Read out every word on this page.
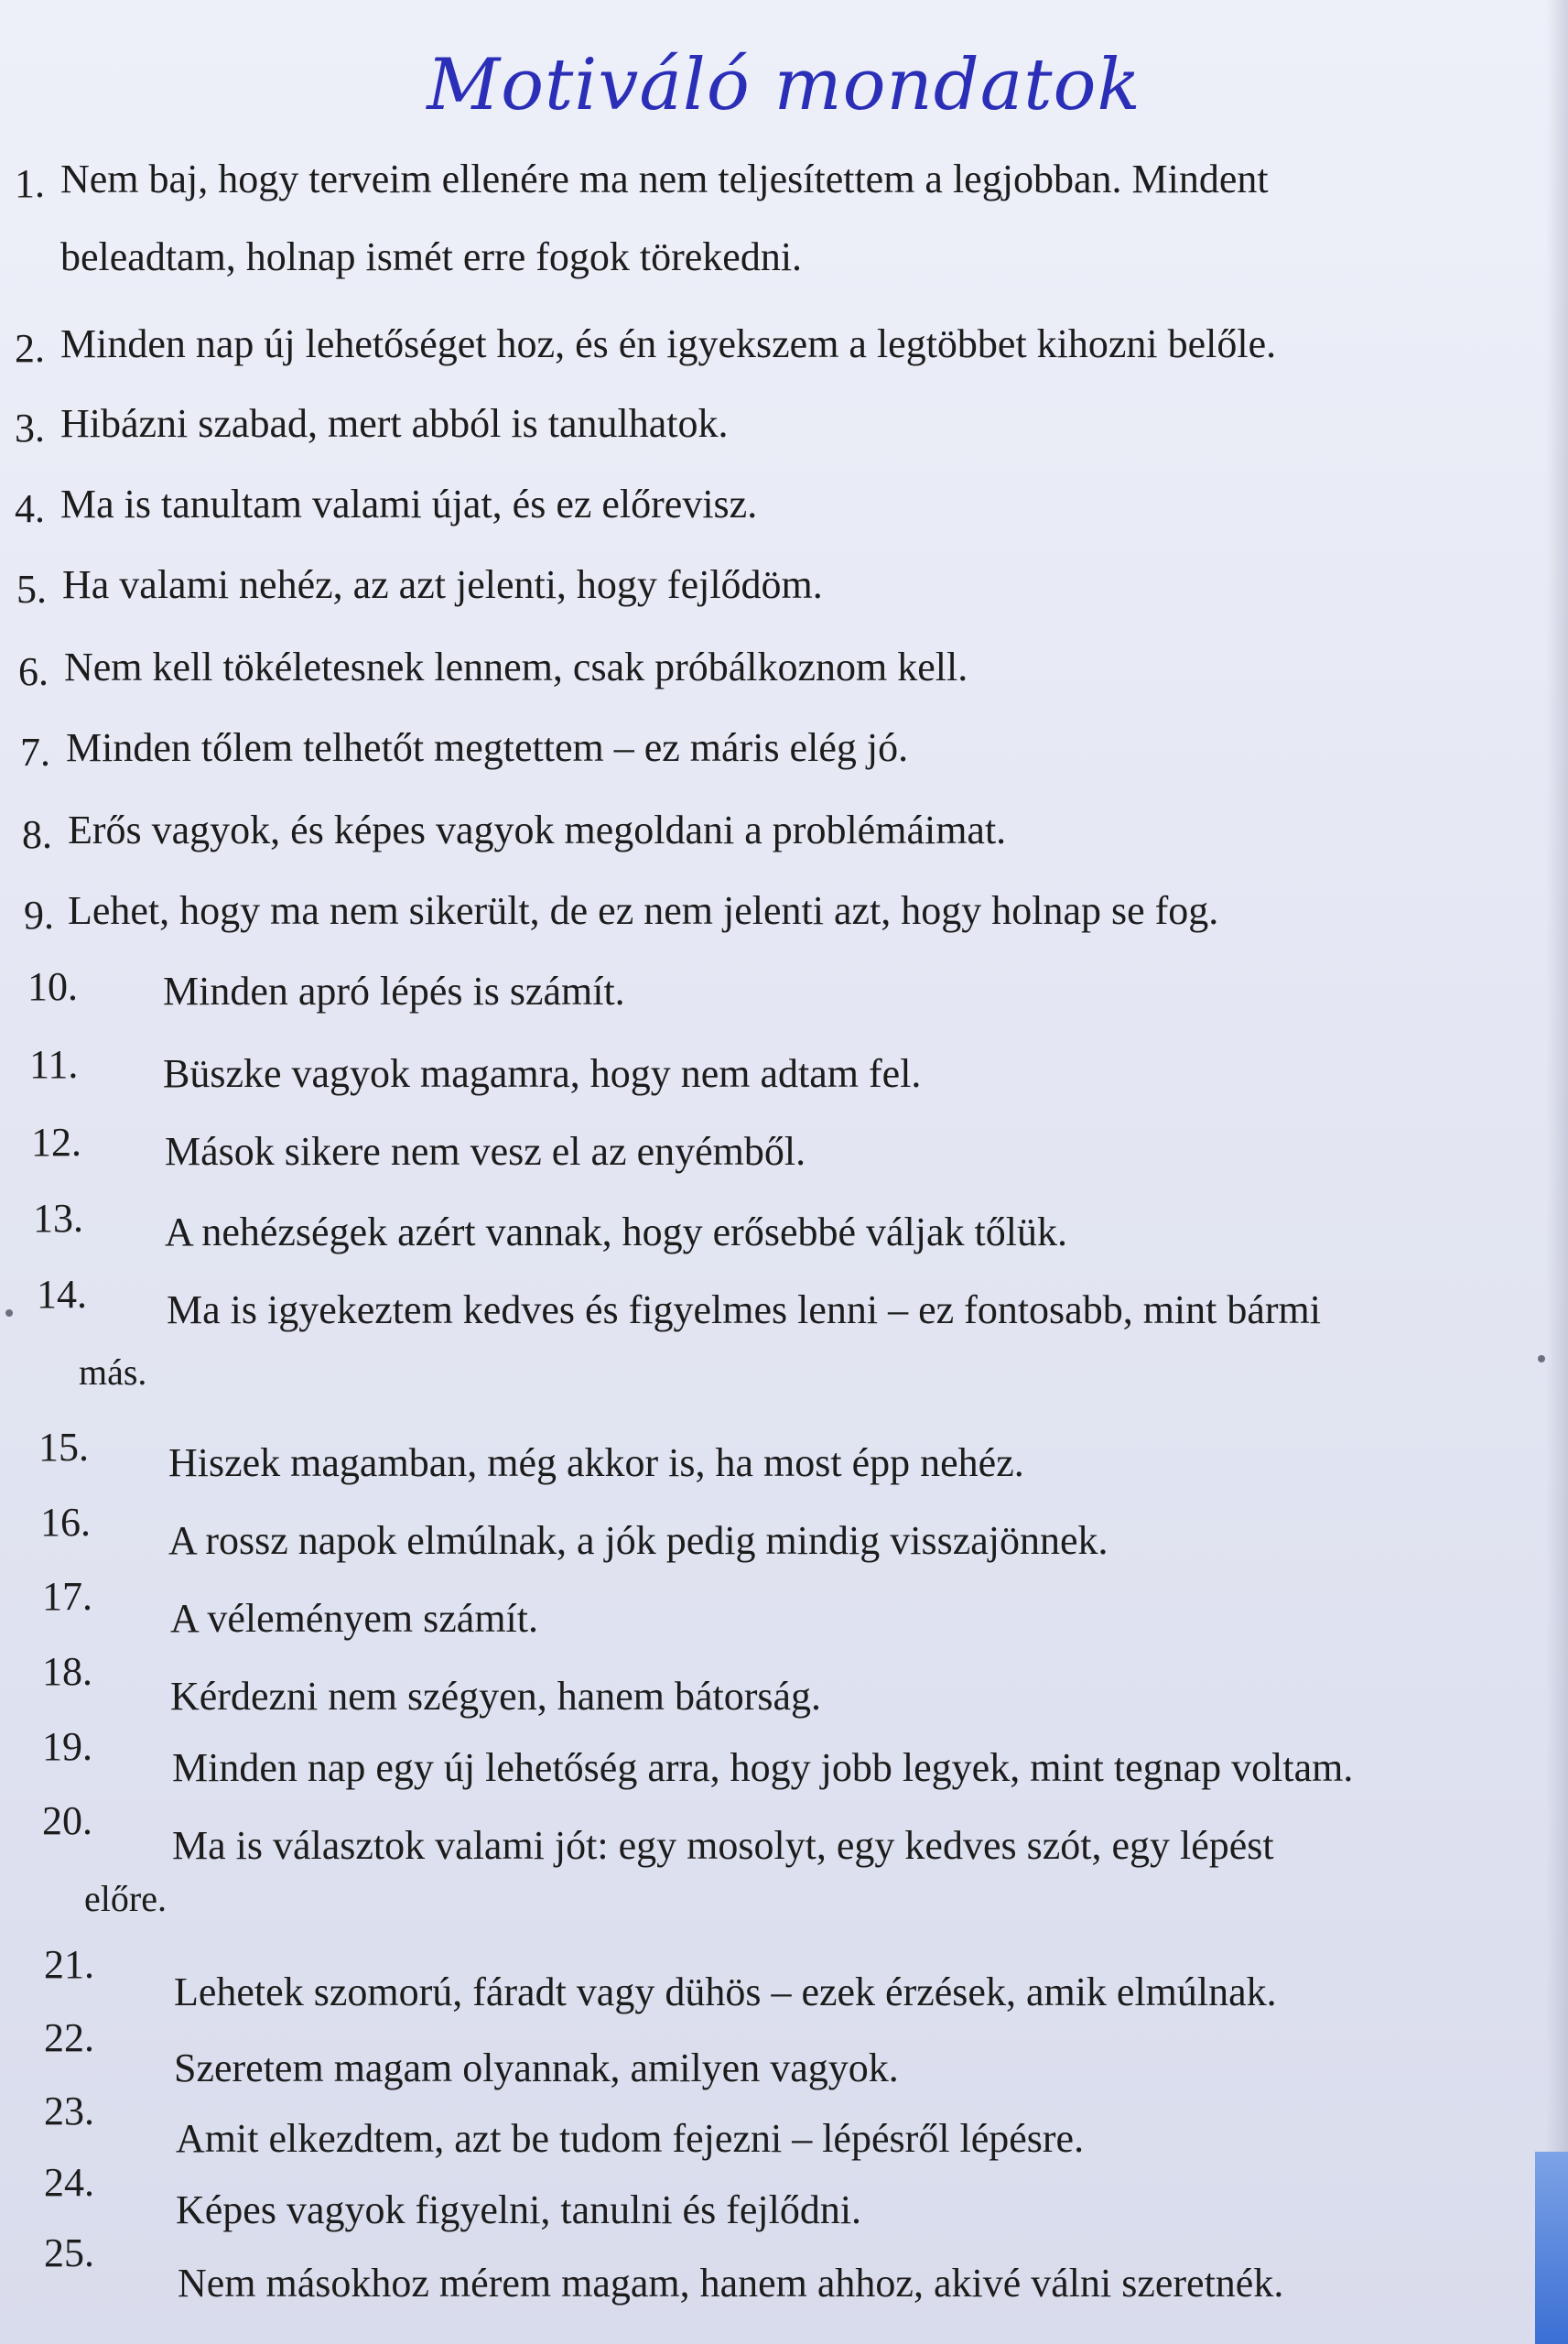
Motiváló mondatok
1. Nem baj, hogy terveim ellenére ma nem teljesítettem a legjobban. Mindent
beleadtam, holnap ismét erre fogok törekedni.
2. Minden nap új lehetőséget hoz, és én igyekszem a legtöbbet kihozni belőle.
3. Hibázni szabad, mert abból is tanulhatok.
4. Ma is tanultam valami újat, és ez előrevisz.
5. Ha valami nehéz, az azt jelenti, hogy fejlődöm.
6. Nem kell tökéletesnek lennem, csak próbálkoznom kell.
7. Minden tőlem telhetőt megtettem – ez máris elég jó.
8. Erős vagyok, és képes vagyok megoldani a problémáimat.
9. Lehet, hogy ma nem sikerült, de ez nem jelenti azt, hogy holnap se fog.
10. Minden apró lépés is számít.
11. Büszke vagyok magamra, hogy nem adtam fel.
12. Mások sikere nem vesz el az enyémből.
13. A nehézségek azért vannak, hogy erősebbé váljak tőlük.
14. Ma is igyekeztem kedves és figyelmes lenni – ez fontosabb, mint bármi
más.
15. Hiszek magamban, még akkor is, ha most épp nehéz.
16. A rossz napok elmúlnak, a jók pedig mindig visszajönnek.
17. A véleményem számít.
18.
Kérdezni nem szégyen, hanem bátorság.
19. Minden nap egy új lehetőség arra, hogy jobb legyek, mint tegnap voltam.
20.
Ma is választok valami jót: egy mosolyt, egy kedves szót, egy lépést
előre.
21.
Lehetek szomorú, fáradt vagy dühös – ezek érzések, amik elmúlnak.
22.
Szeretem magam olyannak, amilyen vagyok.
23.
Amit elkezdtem, azt be tudom fejezni – lépésről lépésre.
24.
Képes vagyok figyelni, tanulni és fejlődni.
25.
Nem másokhoz mérem magam, hanem ahhoz, akivé válni szeretnék.
